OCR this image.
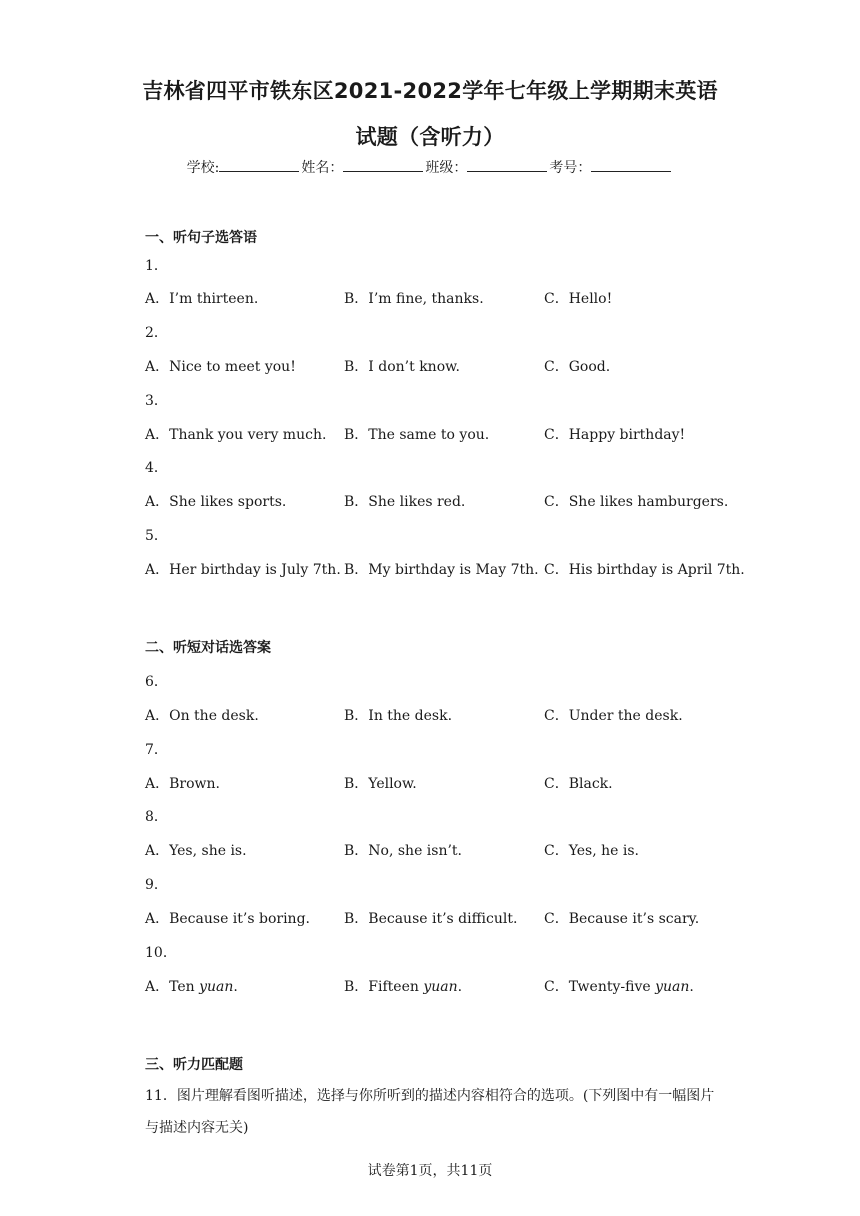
吉林省四平市铁东区2021-2022学年七年级上学期期末英语
试题（含听力）
学校:	姓名：	班级：	考号：
一、听句子选答语
1．
A．I’m thirteen.	B．I’m fine, thanks.	C．Hello!
2．
A．Nice to meet you!	B．I don’t know.	C．Good.
3．
A．Thank you very much. B．The same to you.	C．Happy birthday!
4．
A．She likes sports.	B．She likes red.	C．She likes hamburgers.
5．
A．Her birthday is July 7th. B．My birthday is May 7th. C．His birthday is April 7th.
二、听短对话选答案
6．
A．On the desk.	B．In the desk.	C．Under the desk.
7．
A．Brown.	B．Yellow.	C．Black.
8．
A．Yes, she is.	B．No, she isn’t.	C．Yes, he is.
9．
A．Because it’s boring. B．Because it’s difficult. C．Because it’s scary.
10．
A．Ten yuan.	B．Fifteen yuan.	C．Twenty-five yuan.
三、听力匹配题
11．图片理解看图听描述，选择与你所听到的描述内容相符合的选项。(下列图中有一幅图片与描述内容无关)
试卷第1页，共11页
